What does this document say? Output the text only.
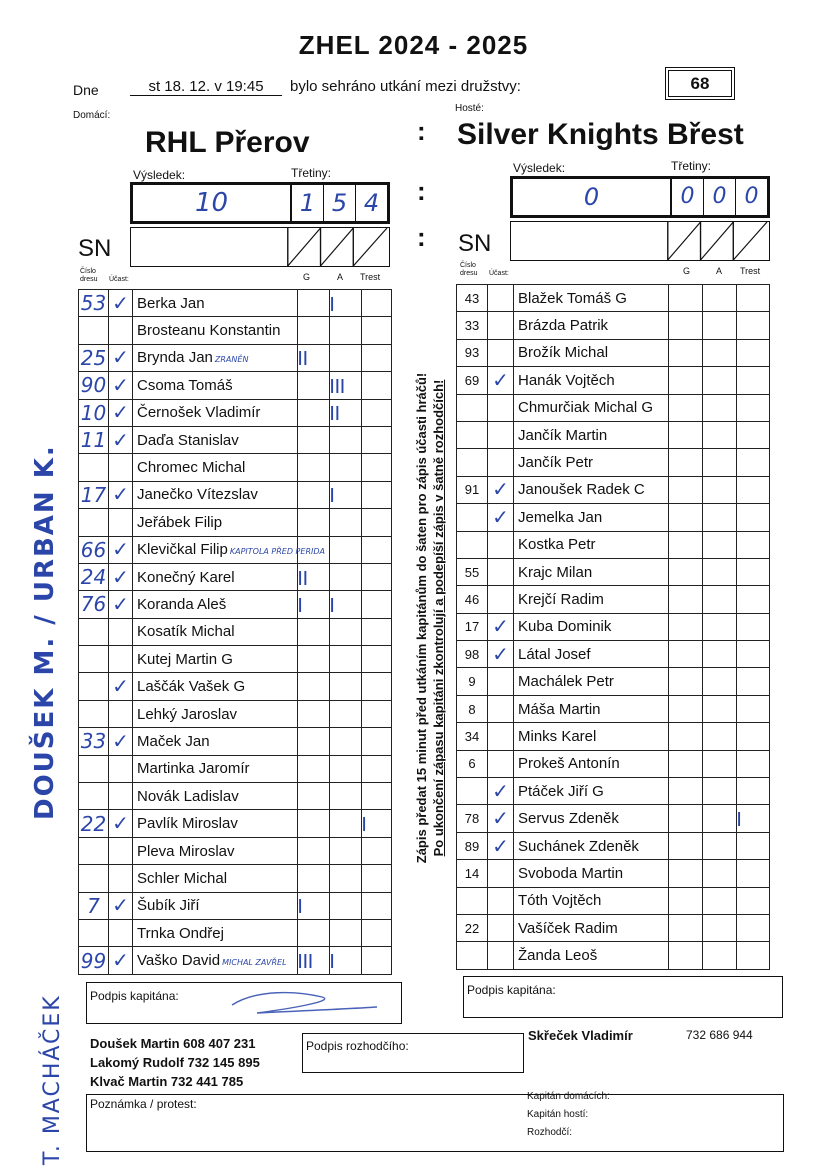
ZHEL 2024 - 2025
Dne	st 18. 12. v 19:45	bylo sehráno utkání mezi družstvy:	68
Domácí:
Hosté:
RHL Přerov	Silver Knights Břest
:
:
:
Výsledek:	Třetiny:
10	1 5 4
SN
Výsledek:	Třetiny:
0	0 0 0
SN
Číslo dresu	Účast:	G	A Trest
Číslo dresu	Účast:	G	A Trest
53	✓	Berka Jan		|	
		Brosteanu Konstantin			
25	✓	Brynda Jan ZRANĚN	||		
90	✓	Csoma Tomáš		|||	
10	✓	Černošek Vladimír		||	
11	✓	Daďa Stanislav			
		Chromec Michal			
17	✓	Janečko Vítezslav		|	
		Jeřábek Filip			
66	✓	Klevičkal Filip KAPITOLA PŘED PERIDA			
24	✓	Konečný Karel	||		
76	✓	Koranda Aleš	|	|	
		Kosatík Michal			
		Kutej Martin G			
	✓	Laščák Vašek G			
		Lehký Jaroslav			
33	✓	Maček Jan			
		Martinka Jaromír			
		Novák Ladislav			
22	✓	Pavlík Miroslav			|
		Pleva Miroslav			
		Schler Michal			
7	✓	Šubík Jiří	|		
		Trnka Ondřej			
99	✓	Vaško David MICHAL ZAVŘEL	|||	|	
43		Blažek Tomáš G			
33		Brázda Patrik			
93		Brožík Michal			
69	✓	Hanák Vojtěch			
		Chmurčiak Michal G			
		Jančík Martin			
		Jančík Petr			
91	✓	Janoušek Radek C			
	✓	Jemelka Jan			
		Kostka Petr			
55		Krajc Milan			
46		Krejčí Radim			
17	✓	Kuba Dominik			
98	✓	Látal Josef			
9		Machálek Petr			
8		Máša Martin			
34		Minks Karel			
6		Prokeš Antonín			
	✓	Ptáček Jiří G			
78	✓	Servus Zdeněk			|
89	✓	Suchánek Zdeněk			
14		Svoboda Martin			
		Tóth Vojtěch			
22		Vašíček Radim			
		Žanda Leoš			
Zápis předat 15 minut před utkáním kapitánům do šaten pro zápis účasti hráčů! Po ukončení zápasu kapitáni zkontrolují a podepíší zápis v šatně rozhodčích!
DOUŠEK M. / URBAN K.
T. MACHÁČEK Podpis kapitána:	Podpis kapitána:
Doušek Martin 608 407 231
Lakomý Rudolf 732 145 895
Klvač Martin 732 441 785
Podpis rozhodčího:
Skřeček Vladimír	732 686 944
Poznámka / protest:
Kapitán domácích:
Kapitán hostí:
Rozhodčí:
